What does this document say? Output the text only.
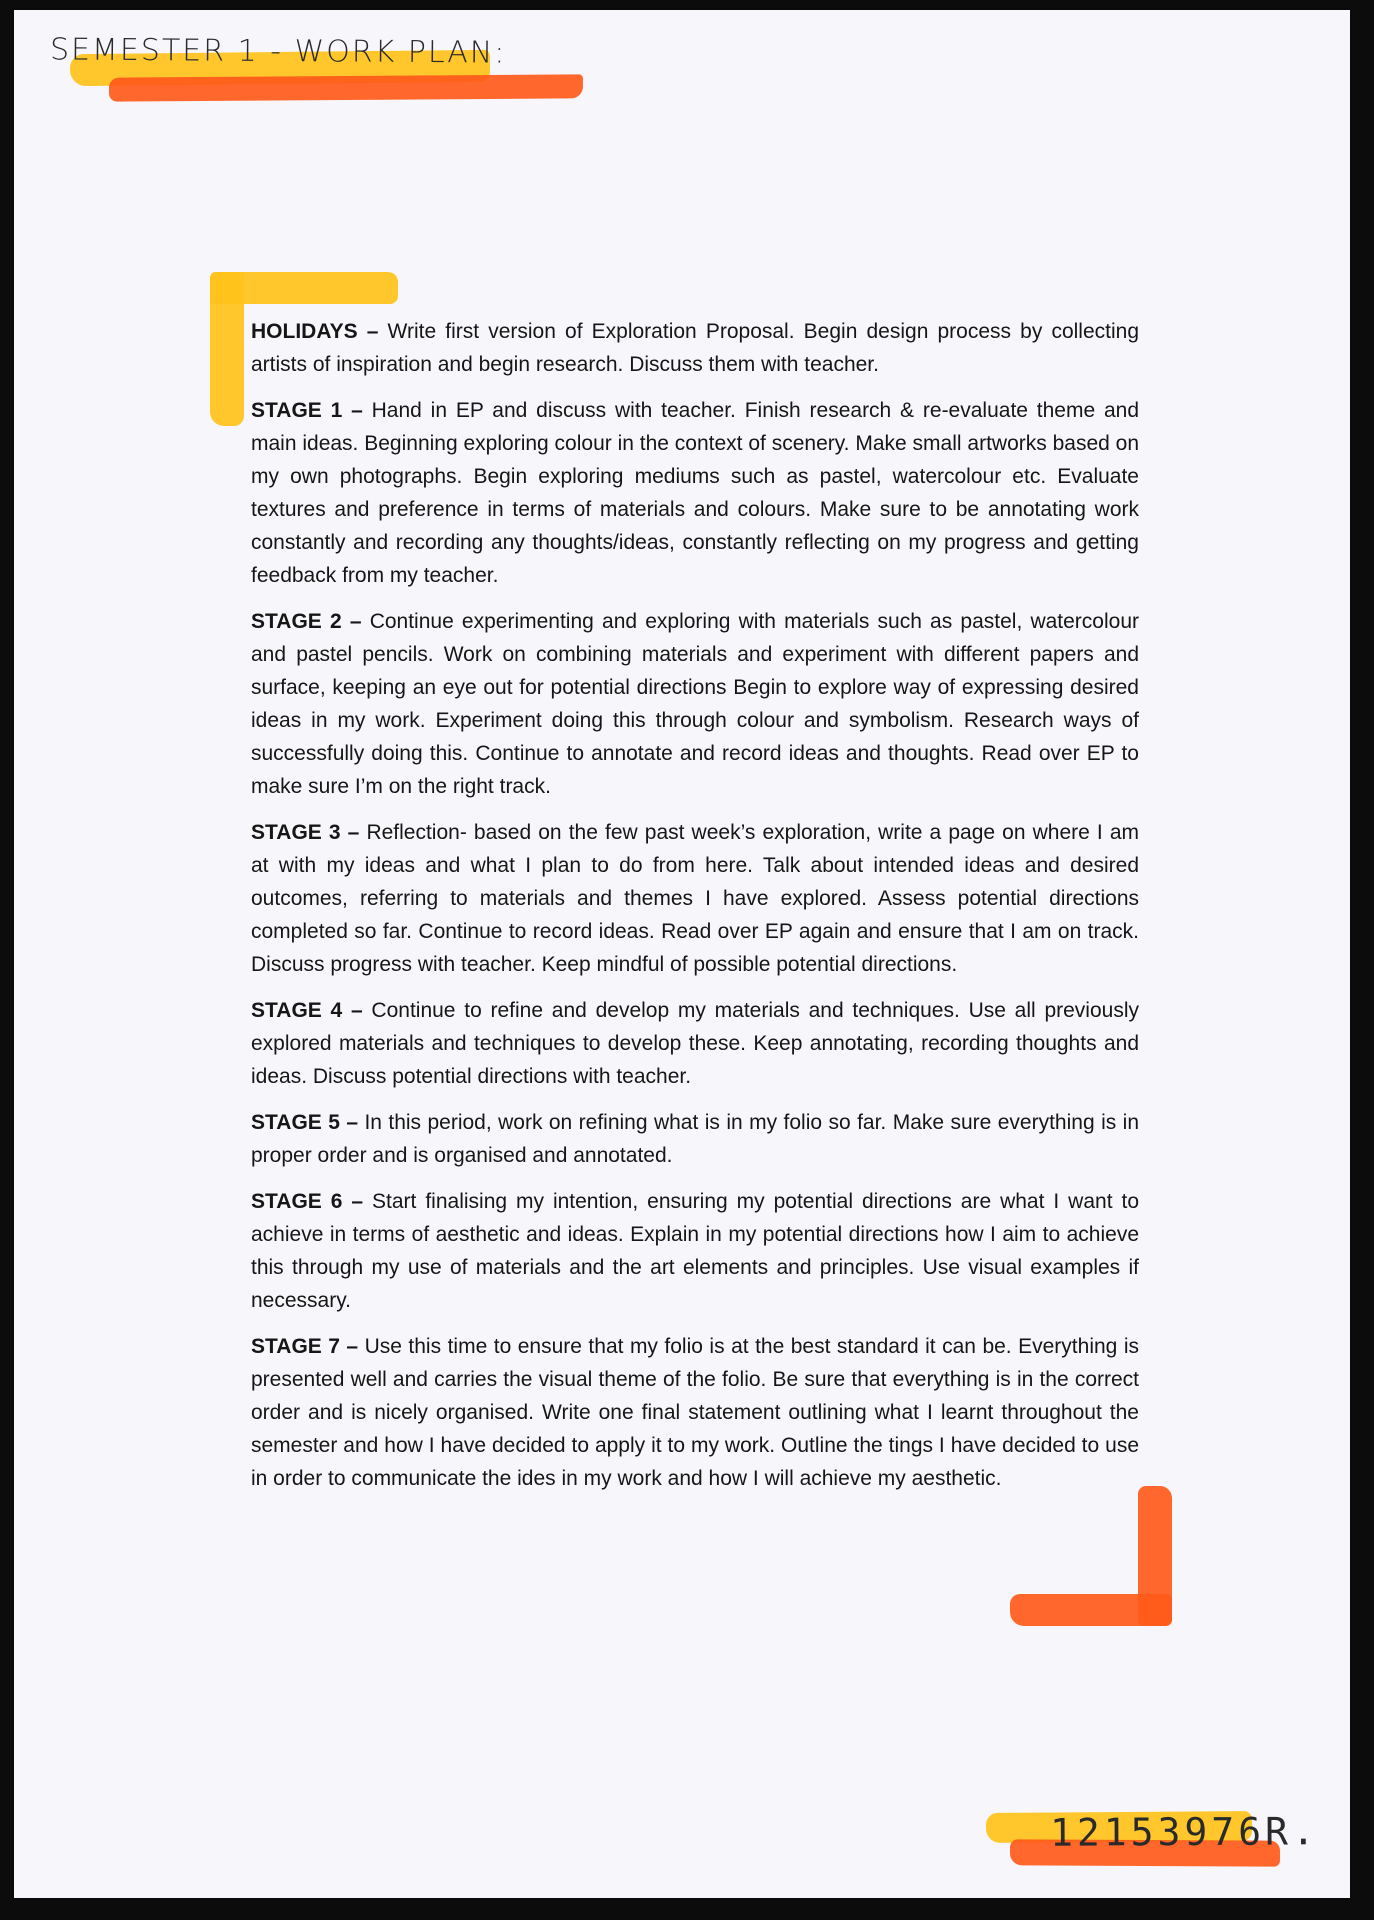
SEMESTER 1 - WORK PLAN:

HOLIDAYS – Write first version of Exploration Proposal. Begin design process by collecting artists of inspiration and begin research. Discuss them with teacher.

STAGE 1 – Hand in EP and discuss with teacher. Finish research & re-evaluate theme and main ideas. Beginning exploring colour in the context of scenery. Make small artworks based on my own photographs. Begin exploring mediums such as pastel, watercolour etc. Evaluate textures and preference in terms of materials and colours. Make sure to be annotating work constantly and recording any thoughts/ideas, constantly reflecting on my progress and getting feedback from my teacher.

STAGE 2 – Continue experimenting and exploring with materials such as pastel, watercolour and pastel pencils. Work on combining materials and experiment with different papers and surface, keeping an eye out for potential directions Begin to explore way of expressing desired ideas in my work. Experiment doing this through colour and symbolism. Research ways of successfully doing this. Continue to annotate and record ideas and thoughts. Read over EP to make sure I’m on the right track.

STAGE 3 – Reflection- based on the few past week’s exploration, write a page on where I am at with my ideas and what I plan to do from here. Talk about intended ideas and desired outcomes, referring to materials and themes I have explored. Assess potential directions completed so far. Continue to record ideas. Read over EP again and ensure that I am on track. Discuss progress with teacher. Keep mindful of possible potential directions.

STAGE 4 – Continue to refine and develop my materials and techniques. Use all previously explored materials and techniques to develop these. Keep annotating, recording thoughts and ideas. Discuss potential directions with teacher.

STAGE 5 – In this period, work on refining what is in my folio so far. Make sure everything is in proper order and is organised and annotated.

STAGE 6 – Start finalising my intention, ensuring my potential directions are what I want to achieve in terms of aesthetic and ideas. Explain in my potential directions how I aim to achieve this through my use of materials and the art elements and principles. Use visual examples if necessary.

STAGE 7 – Use this time to ensure that my folio is at the best standard it can be. Everything is presented well and carries the visual theme of the folio. Be sure that everything is in the correct order and is nicely organised. Write one final statement outlining what I learnt throughout the semester and how I have decided to apply it to my work. Outline the tings I have decided to use in order to communicate the ides in my work and how I will achieve my aesthetic.

12153976R.
